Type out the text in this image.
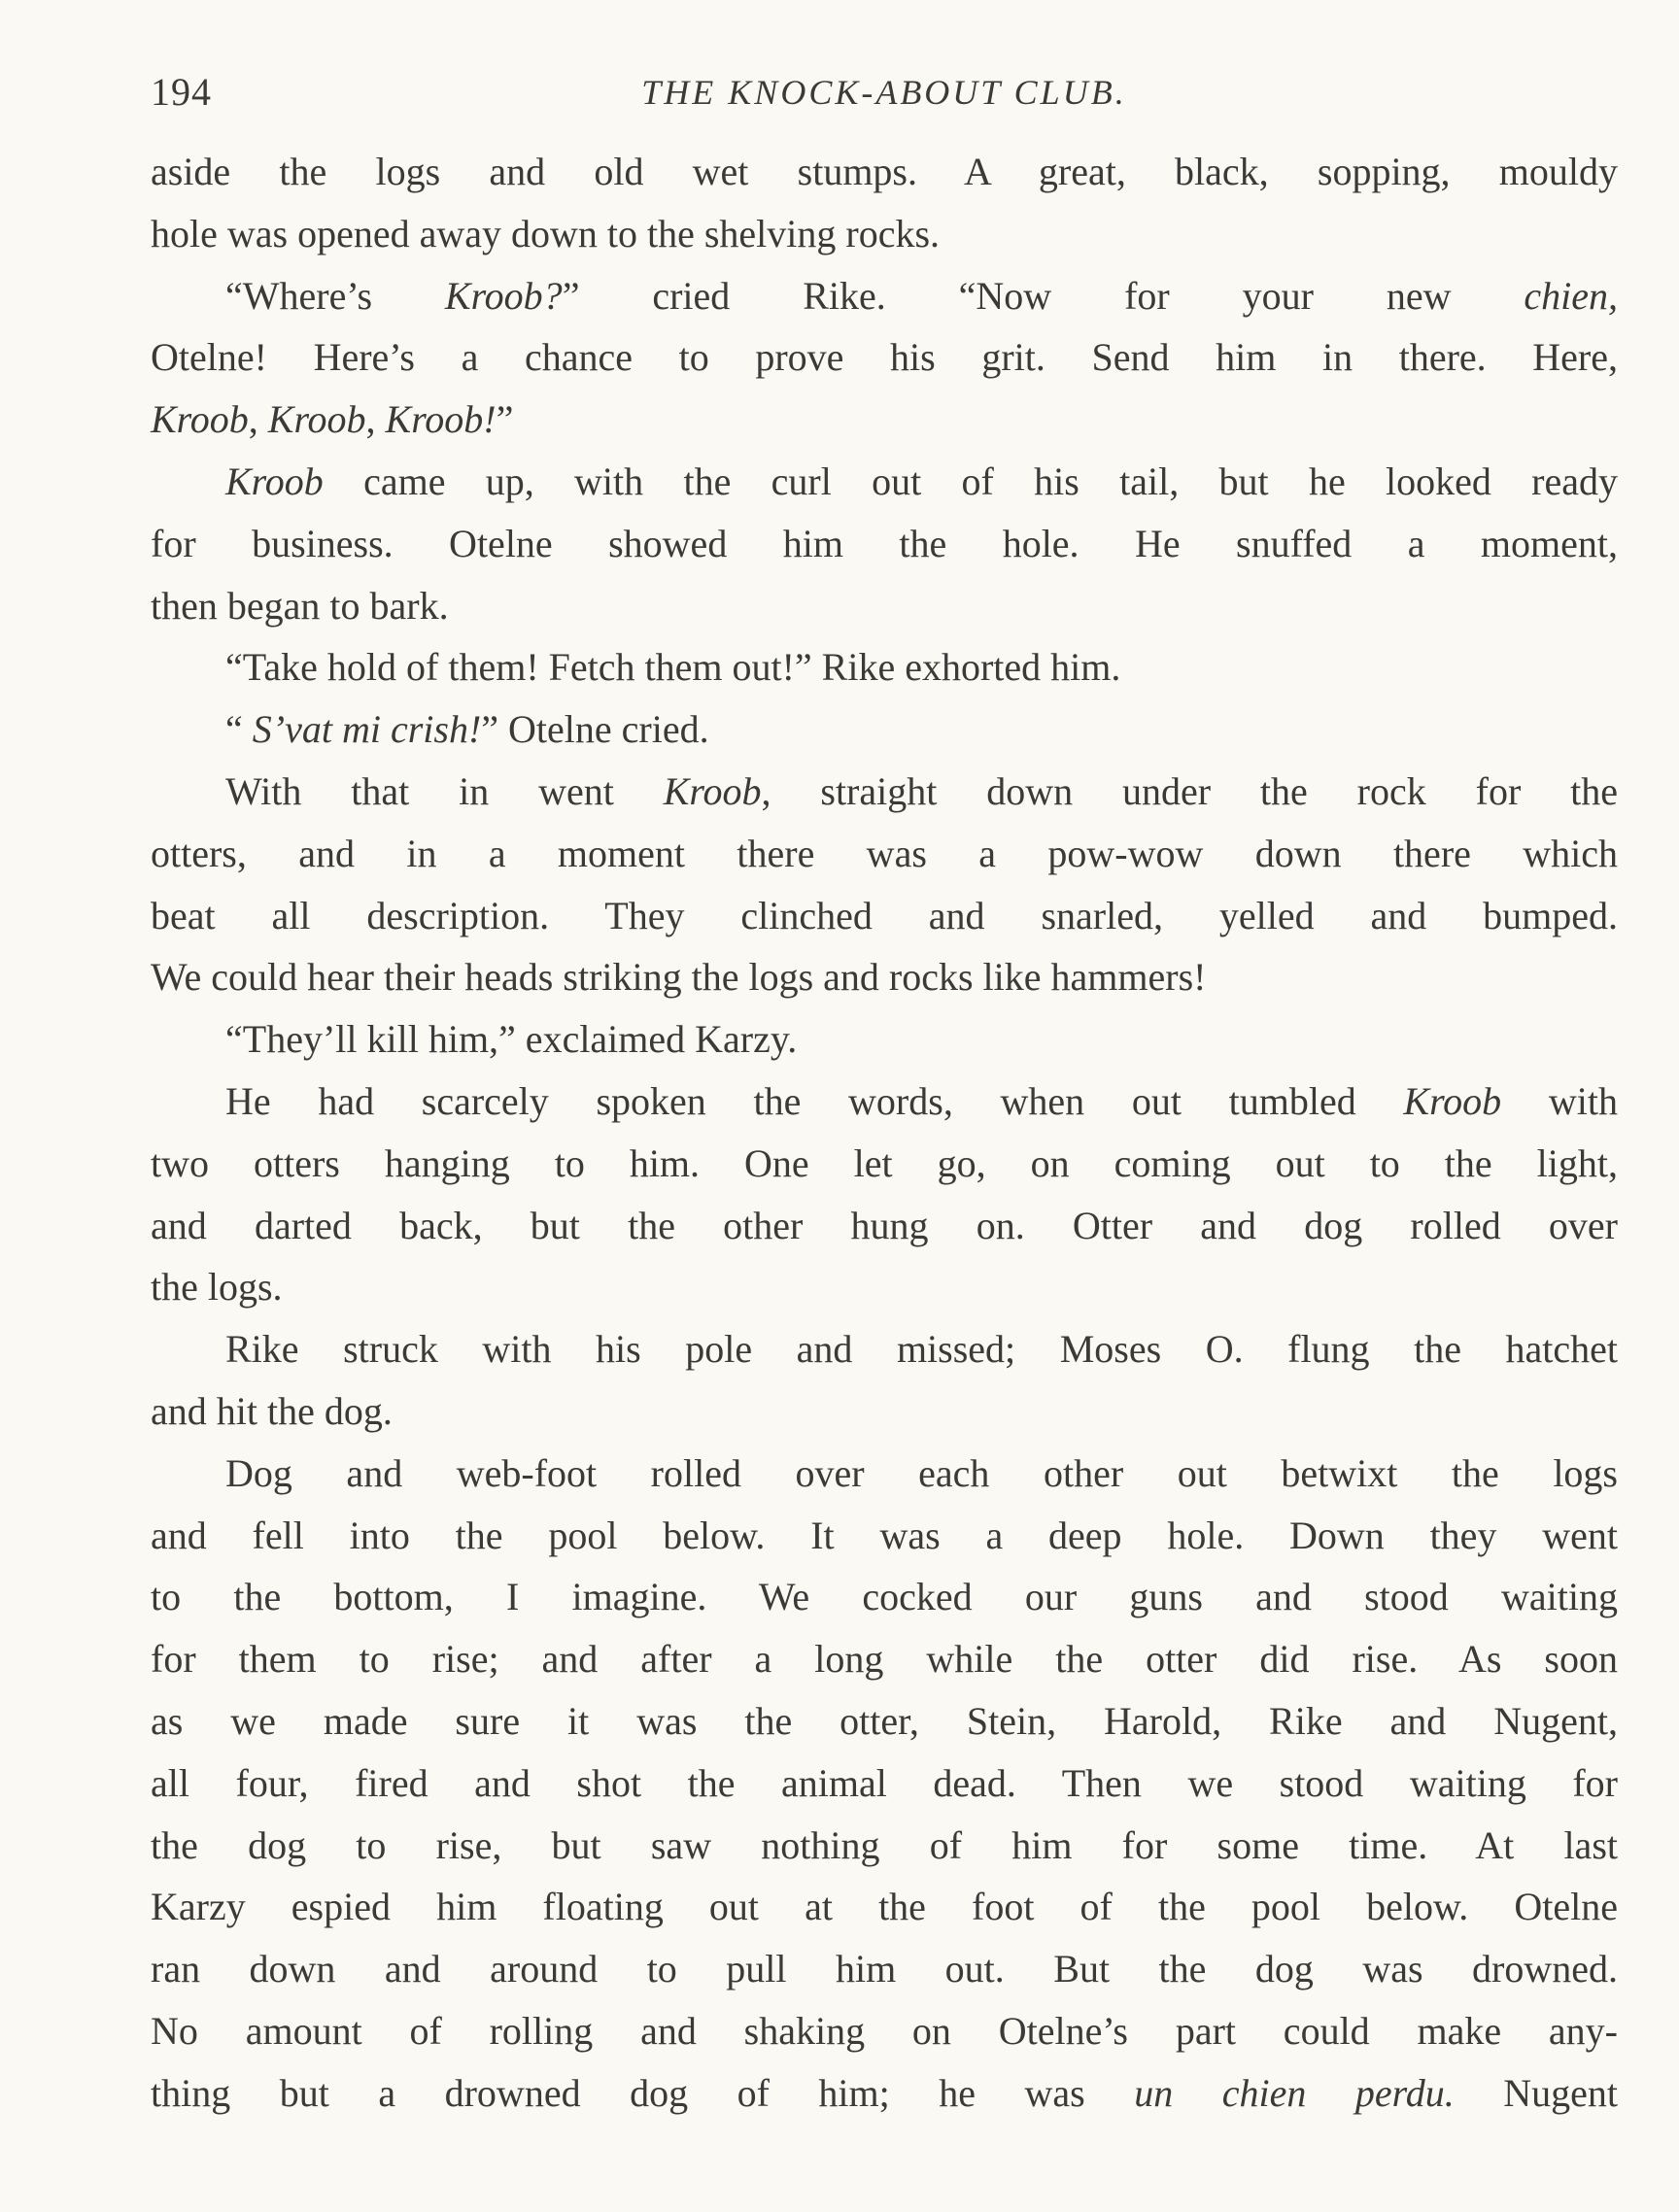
194	THE KNOCK-ABOUT CLUB.
aside the logs and old wet stumps. A great, black, sopping, mouldy
hole was opened away down to the shelving rocks.
“Where’s Kroob?” cried Rike. “Now for your new chien,
Otelne! Here’s a chance to prove his grit. Send him in there. Here,
Kroob, Kroob, Kroob!”
Kroob came up, with the curl out of his tail, but he looked ready
for business. Otelne showed him the hole. He snuffed a moment,
then began to bark.
“Take hold of them! Fetch them out!” Rike exhorted him.
“ S’vat mi crish!” Otelne cried.
With that in went Kroob, straight down under the rock for the
otters, and in a moment there was a pow-wow down there which
beat all description. They clinched and snarled, yelled and bumped.
We could hear their heads striking the logs and rocks like hammers!
“They’ll kill him,” exclaimed Karzy.
He had scarcely spoken the words, when out tumbled Kroob with
two otters hanging to him. One let go, on coming out to the light,
and darted back, but the other hung on. Otter and dog rolled over
the logs.
Rike struck with his pole and missed; Moses O. flung the hatchet
and hit the dog.
Dog and web-foot rolled over each other out betwixt the logs
and fell into the pool below. It was a deep hole. Down they went
to the bottom, I imagine. We cocked our guns and stood waiting
for them to rise; and after a long while the otter did rise. As soon
as we made sure it was the otter, Stein, Harold, Rike and Nugent,
all four, fired and shot the animal dead. Then we stood waiting for
the dog to rise, but saw nothing of him for some time. At last
Karzy espied him floating out at the foot of the pool below. Otelne
ran down and around to pull him out. But the dog was drowned.
No amount of rolling and shaking on Otelne’s part could make any-
thing but a drowned dog of him; he was un chien perdu. Nugent
